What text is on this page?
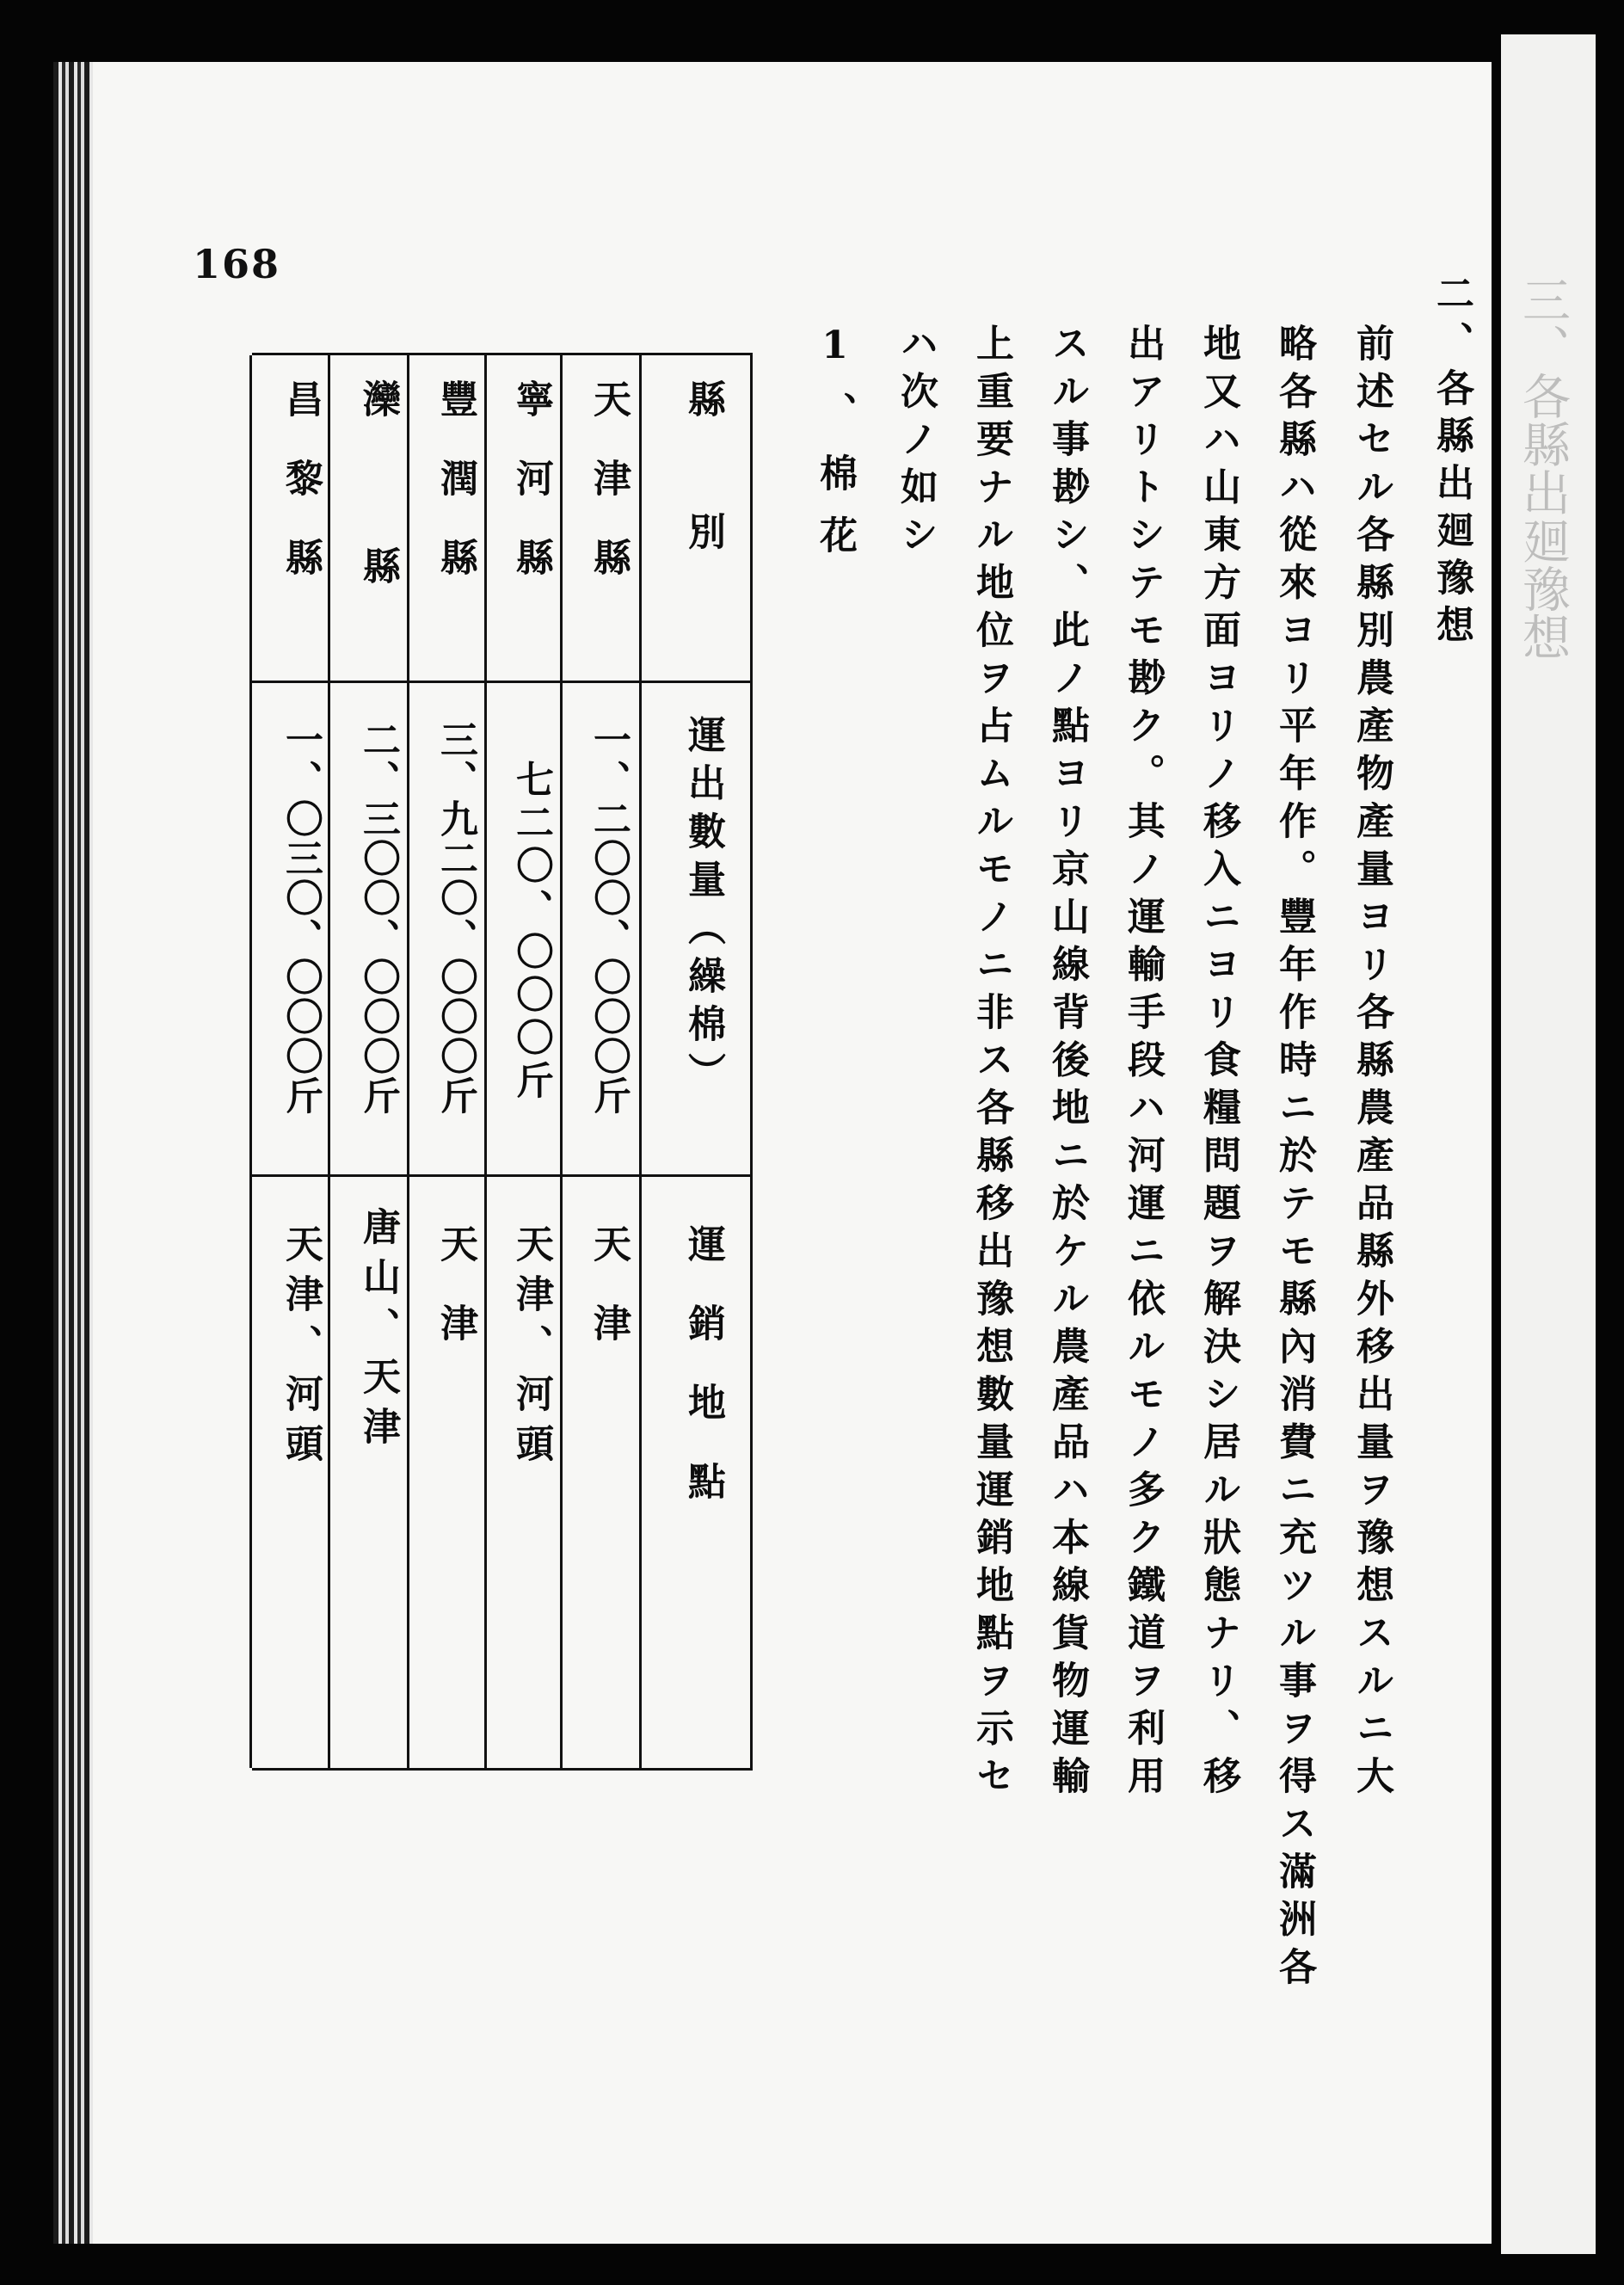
三、各縣出廻豫想
168
二、各縣出廻豫想
前述セル各縣別農產物產量ヨリ各縣農產品縣外移出量ヲ豫想スルニ大
略各縣ハ從來ヨリ平年作。豐年作時ニ於テモ縣內消費ニ充ツル事ヲ得ス滿洲各
地又ハ山東方面ヨリノ移入ニヨリ食糧問題ヲ解決シ居ル狀態ナリ、移
出アリトシテモ尠ク。其ノ運輸手段ハ河運ニ依ルモノ多ク鐵道ヲ利用
スル事尠シ、此ノ點ヨリ京山線背後地ニ於ケル農產品ハ本線貨物運輸
上重要ナル地位ヲ占ムルモノニ非ス各縣移出豫想數量運銷地點ヲ示セ
ハ次ノ如シ
1、棉花
縣別
運出數量（繰棉）
運銷地點
天津縣
一、二〇〇、〇〇〇斤
天津
寧河縣
七二〇、〇〇〇斤
天津、河頭
豐潤縣
三、九二〇、〇〇〇斤
天津
灤縣
二、三〇〇、〇〇〇斤
唐山、天津
昌黎縣
一、〇三〇、〇〇〇斤
天津、河頭
